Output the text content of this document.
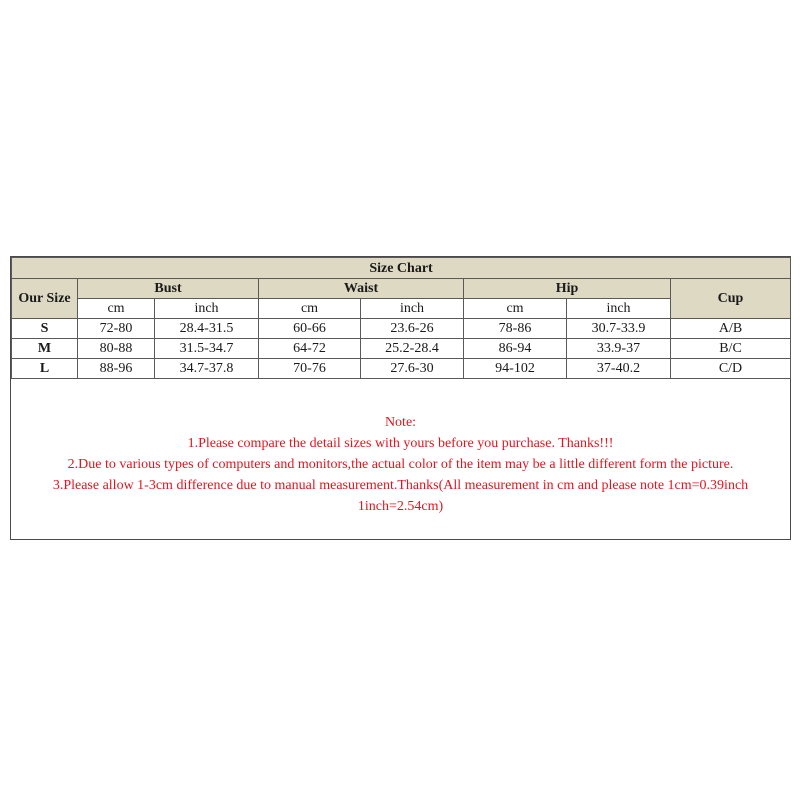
Size Chart							
Our Size	Bust		Waist		Hip		Cup
	cm	inch	cm	inch	cm	inch	
S	72-80	28.4-31.5	60-66	23.6-26	78-86	30.7-33.9	A/B
M	80-88	31.5-34.7	64-72	25.2-28.4	86-94	33.9-37	B/C
L	88-96	34.7-37.8	70-76	27.6-30	94-102	37-40.2	C/D
Note:
1.Please compare the detail sizes with yours before you purchase. Thanks!!!
2.Due to various types of computers and monitors,the actual color of the item may be a little different form the picture.
3.Please allow 1-3cm difference due to manual measurement.Thanks(All measurement in cm and please note 1cm=0.39inch
1inch=2.54cm)
